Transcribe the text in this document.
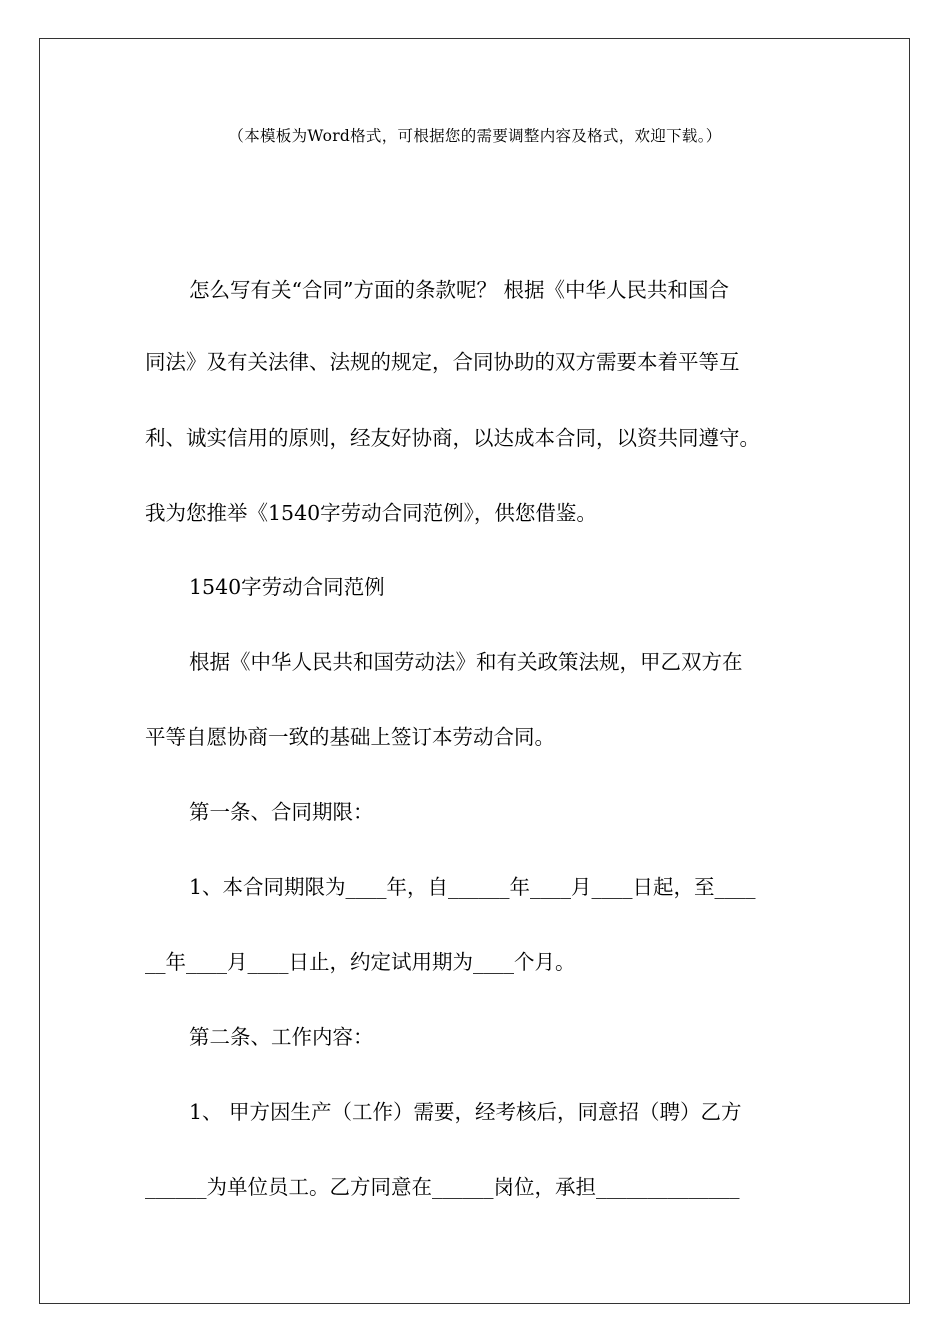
（本模板为Word格式，可根据您的需要调整内容及格式，欢迎下载。）
怎么写有关“合同”方面的条款呢？ 根据《中华人民共和国合
同法》及有关法律、法规的规定，合同协助的双方需要本着平等互
利、诚实信用的原则，经友好协商，以达成本合同，以资共同遵守。
我为您推举《1540字劳动合同范例》，供您借鉴。
1540字劳动合同范例
根据《中华人民共和国劳动法》和有关政策法规，甲乙双方在
平等自愿协商一致的基础上签订本劳动合同。
第一条、合同期限：
1、本合同期限为____年，自______年____月____日起，至____
__年____月____日止，约定试用期为____个月。
第二条、工作内容：
1、 甲方因生产（工作）需要，经考核后，同意招（聘）乙方
______为单位员工。乙方同意在______岗位，承担______________
